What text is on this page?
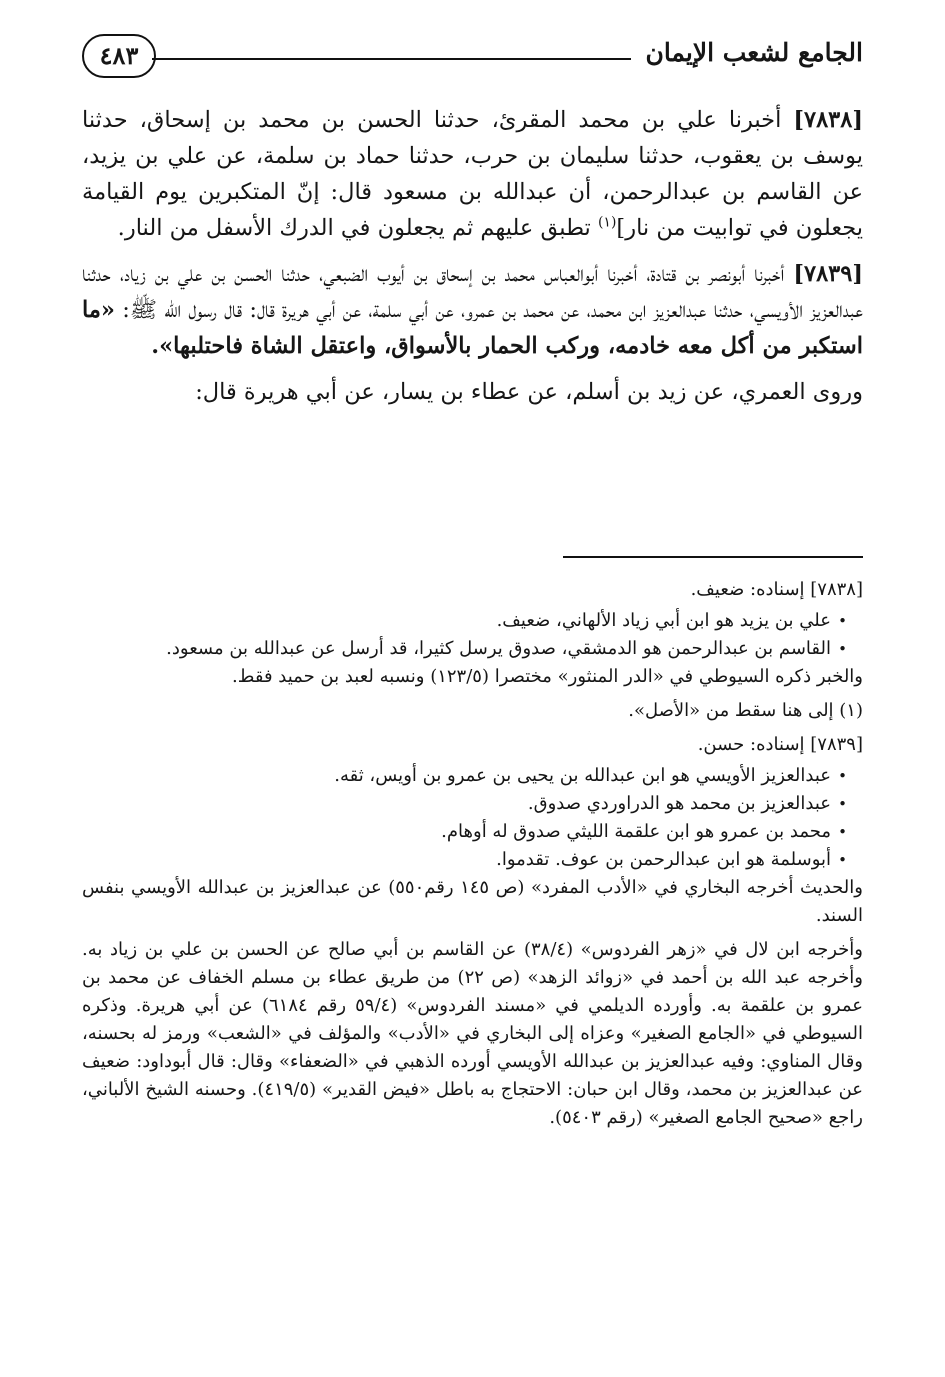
الجامع لشعب الإيمان
٤٨٣

[٧٨٣٨] أخبرنا علي بن محمد المقرئ، حدثنا الحسن بن محمد بن إسحاق، حدثنا يوسف بن يعقوب، حدثنا سليمان بن حرب، حدثنا حماد بن سلمة، عن علي بن يزيد، عن القاسم بن عبدالرحمن، أن عبدالله بن مسعود قال: إنّ المتكبرين يوم القيامة يجعلون في توابيت من نار]$^{(١)}$ تطبق عليهم ثم يجعلون في الدرك الأسفل من النار.

[٧٨٣٩] أخبرنا أبونصر بن قتادة، أخبرنا أبوالعباس محمد بن إسحاق بن أيوب الضبعي، حدثنا الحسن بن علي بن زياد، حدثنا عبدالعزيز الأويسي، حدثنا عبدالعزيز ابن محمد، عن محمد بن عمرو، عن أبي سلمة، عن أبي هريرة قال: قال رسول الله ﷺ: «ما استكبر من أكل معه خادمه، وركب الحمار بالأسواق، واعتقل الشاة فاحتلبها».

وروى العمري، عن زيد بن أسلم، عن عطاء بن يسار، عن أبي هريرة قال:

[٧٨٣٨] إسناده: ضعيف.

•
علي بن يزيد هو ابن أبي زياد الألهاني، ضعيف.
•
القاسم بن عبدالرحمن هو الدمشقي، صدوق يرسل كثيرا، قد أرسل عن عبدالله بن مسعود.

والخبر ذكره السيوطي في «الدر المنثور» مختصرا (١٢٣/٥) ونسبه لعبد بن حميد فقط.

(١) إلى هنا سقط من «الأصل».

[٧٨٣٩] إسناده: حسن.

•
عبدالعزيز الأويسي هو ابن عبدالله بن يحيى بن عمرو بن أويس، ثقه.
•
عبدالعزيز بن محمد هو الدراوردي صدوق.
•
محمد بن عمرو هو ابن علقمة الليثي صدوق له أوهام.
•
أبوسلمة هو ابن عبدالرحمن بن عوف. تقدموا.

والحديث أخرجه البخاري في «الأدب المفرد» (ص ١٤٥ رقم٥٥٠) عن عبدالعزيز بن عبدالله الأويسي بنفس السند.

وأخرجه ابن لال في «زهر الفردوس» (٣٨/٤) عن القاسم بن أبي صالح عن الحسن بن علي بن زياد به. وأخرجه عبد الله بن أحمد في «زوائد الزهد» (ص ٢٢) من طريق عطاء بن مسلم الخفاف عن محمد بن عمرو بن علقمة به. وأورده الديلمي في «مسند الفردوس» (٥٩/٤ رقم ٦١٨٤) عن أبي هريرة. وذكره السيوطي في «الجامع الصغير» وعزاه إلى البخاري في «الأدب» والمؤلف في «الشعب» ورمز له بحسنه، وقال المناوي: وفيه عبدالعزيز بن عبدالله الأويسي أورده الذهبي في «الضعفاء» وقال: قال أبوداود: ضعيف عن عبدالعزيز بن محمد، وقال ابن حبان: الاحتجاج به باطل «فيض القدير» (٤١٩/٥). وحسنه الشيخ الألباني، راجع «صحيح الجامع الصغير» (رقم ٥٤٠٣).
